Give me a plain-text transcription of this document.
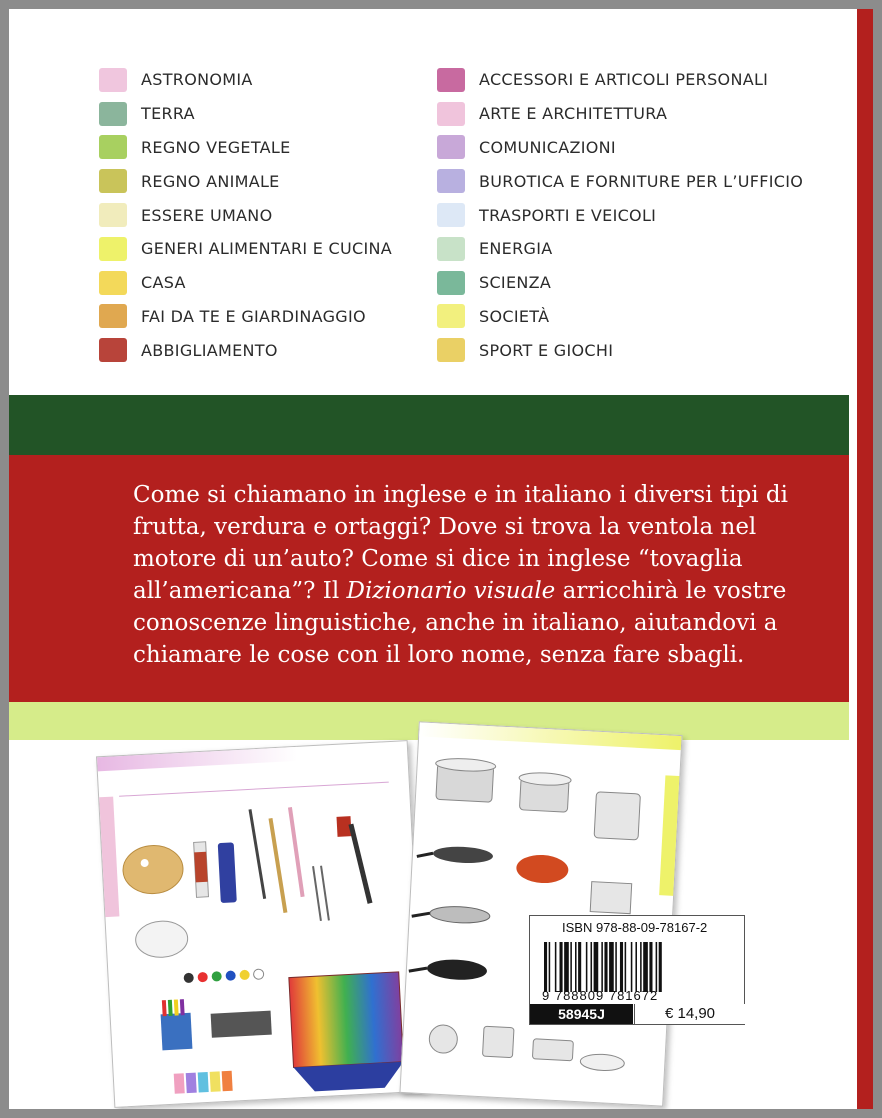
ASTRONOMIA
TERRA
REGNO VEGETALE
REGNO ANIMALE
ESSERE UMANO
GENERI ALIMENTARI E CUCINA
CASA
FAI DA TE E GIARDINAGGIO
ABBIGLIAMENTO
ACCESSORI E ARTICOLI PERSONALI
ARTE E ARCHITETTURA
COMUNICAZIONI
BUROTICA E FORNITURE PER L’UFFICIO
TRASPORTI E VEICOLI
ENERGIA
SCIENZA
SOCIETÀ
SPORT E GIOCHI
Come si chiamano in inglese e in italiano i diversi tipi di frutta, verdura e ortaggi? Dove si trova la ventola nel motore di un’auto? Come si dice in inglese “tovaglia all’americana”? Il Dizionario visuale arricchirà le vostre conoscenze linguistiche, anche in italiano, aiutandovi a chiamare le cose con il loro nome, senza fare sbagli.
ISBN 978-88-09-78167-2
9 788809 781672
58945J	€ 14,90
